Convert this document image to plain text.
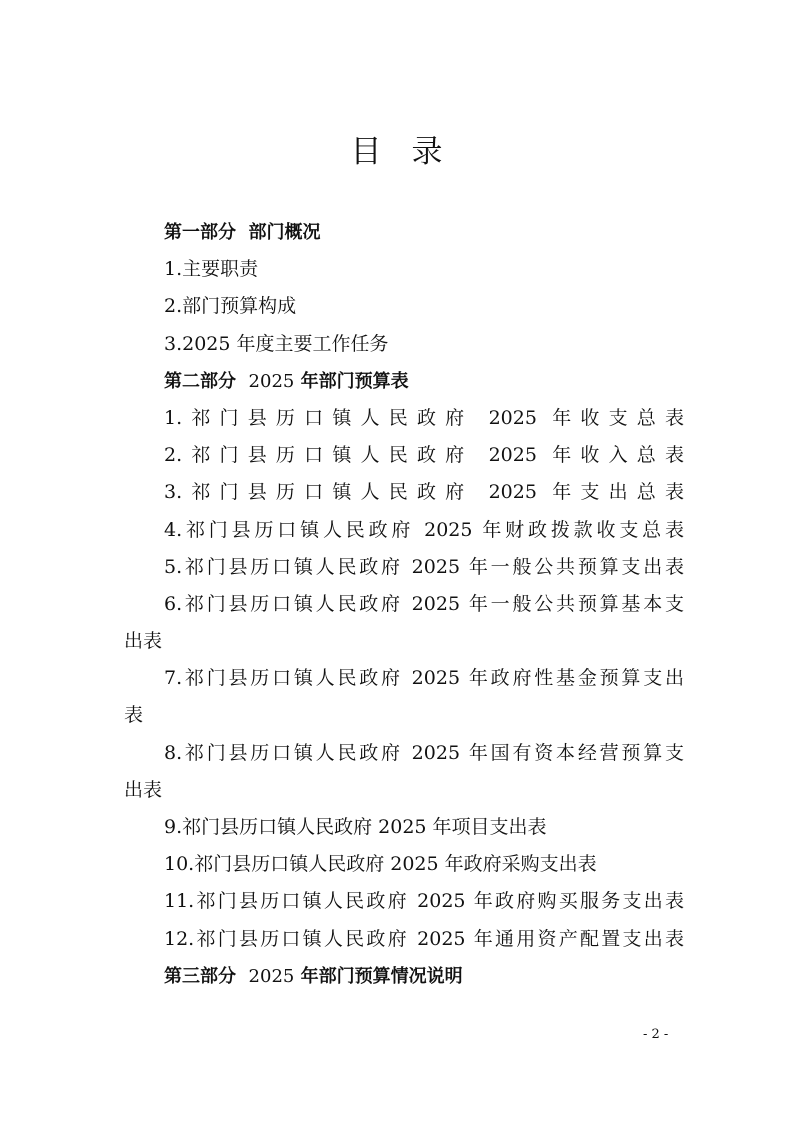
目 录
第一部分 部门概况
1.主要职责
2.部门预算构成
3.2025 年度主要工作任务
第二部分 2025 年部门预算表
1.祁门县历口镇人民政府 2025 年收支总表
2.祁门县历口镇人民政府 2025 年收入总表
3.祁门县历口镇人民政府 2025 年支出总表
4.祁门县历口镇人民政府 2025 年财政拨款收支总表
5.祁门县历口镇人民政府 2025 年一般公共预算支出表
6.祁门县历口镇人民政府 2025 年一般公共预算基本支
出表
7.祁门县历口镇人民政府 2025 年政府性基金预算支出
表
8.祁门县历口镇人民政府 2025 年国有资本经营预算支
出表
9.祁门县历口镇人民政府 2025 年项目支出表
10.祁门县历口镇人民政府 2025 年政府采购支出表
11.祁门县历口镇人民政府 2025 年政府购买服务支出表
12.祁门县历口镇人民政府 2025 年通用资产配置支出表
第三部分 2025 年部门预算情况说明
- 2 -
